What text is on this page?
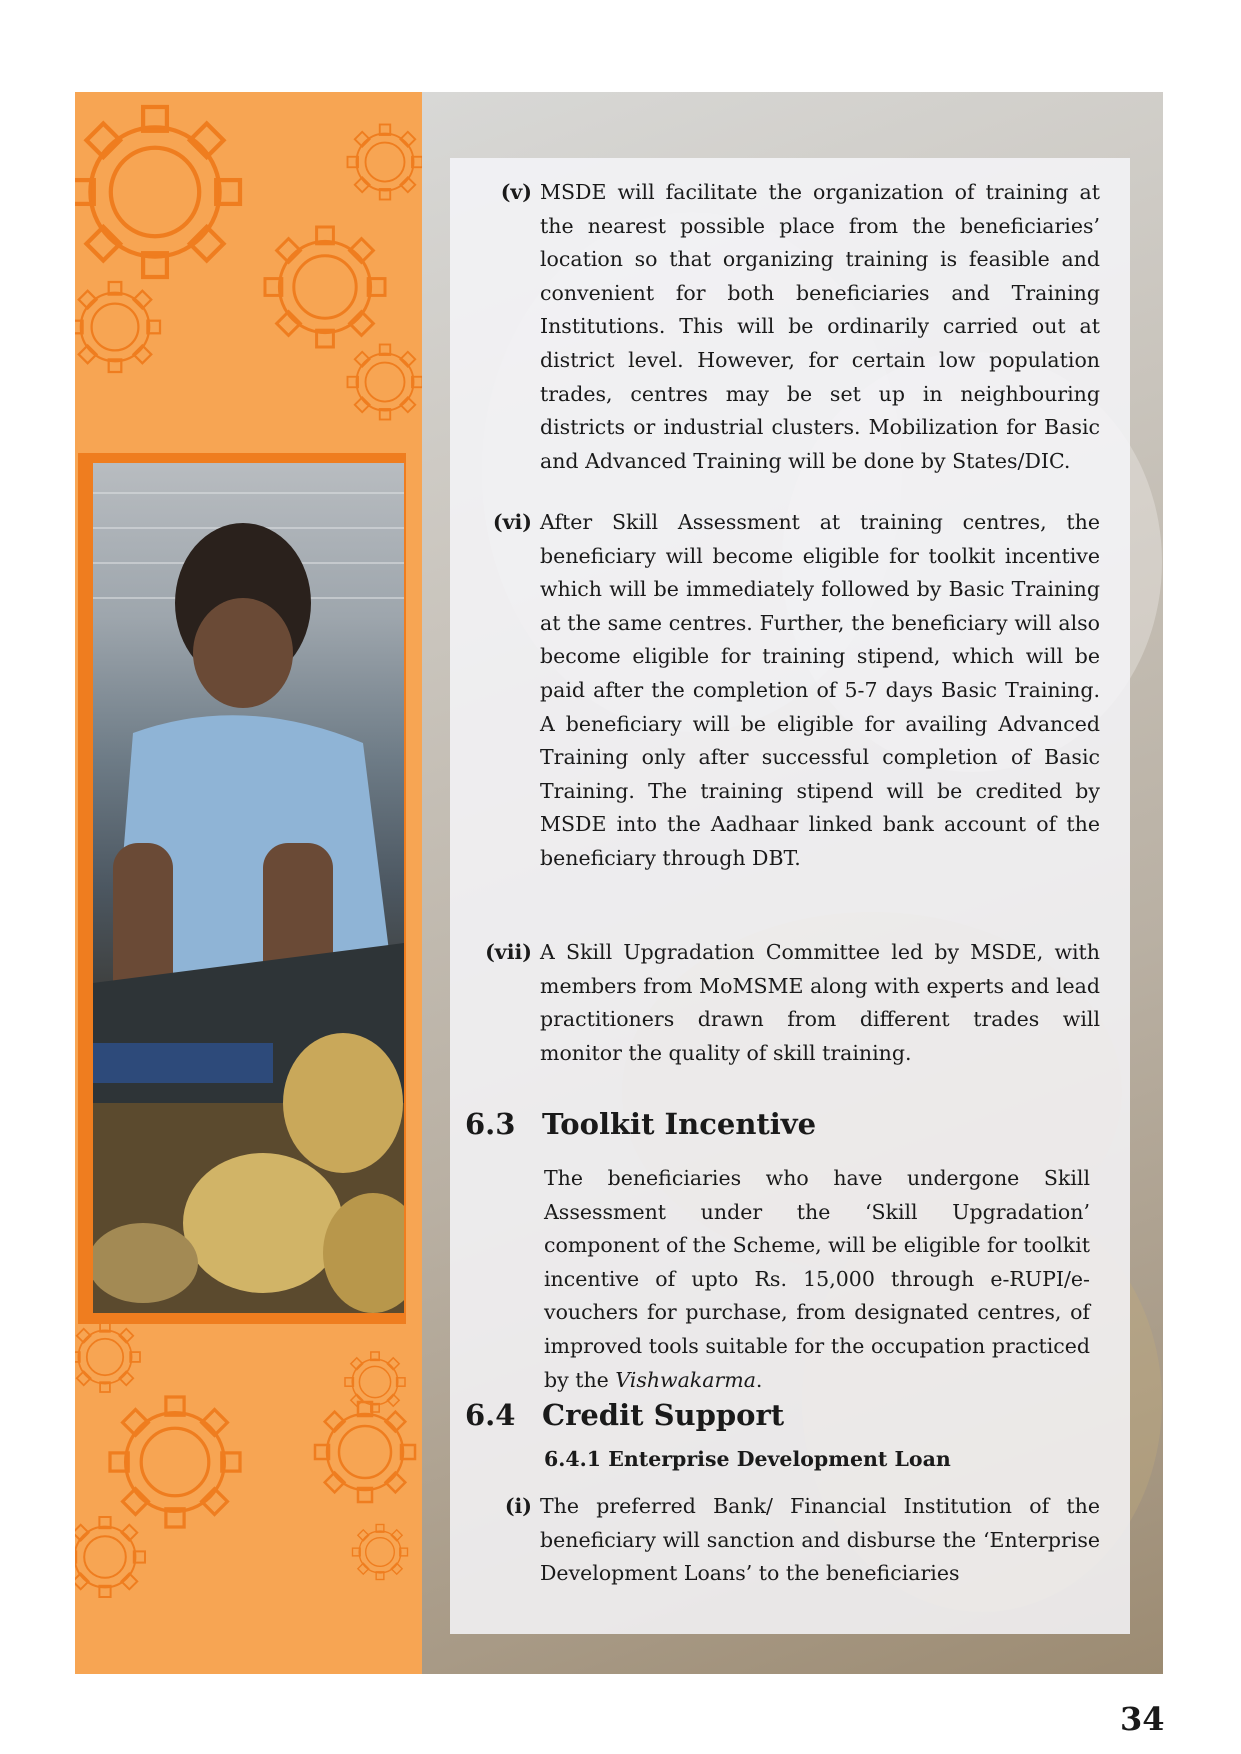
(v) MSDE will facilitate the organization of training at the nearest possible place from the beneficiaries’ location so that organizing training is feasible and convenient for both beneficiaries and Training Institutions. This will be ordinarily carried out at district level. However, for certain low population trades, centres may be set up in neighbouring districts or industrial clusters. Mobilization for Basic and Advanced Training will be done by States/DIC.
(vi) After Skill Assessment at training centres, the beneficiary will become eligible for toolkit incentive which will be immediately followed by Basic Training at the same centres. Further, the beneficiary will also become eligible for training stipend, which will be paid after the completion of 5-7 days Basic Training. A beneficiary will be eligible for availing Advanced Training only after successful completion of Basic Training. The training stipend will be credited by MSDE into the Aadhaar linked bank account of the beneficiary through DBT.
(vii) A Skill Upgradation Committee led by MSDE, with members from MoMSME along with experts and lead practitioners drawn from different trades will monitor the quality of skill training.
6.3 Toolkit Incentive
The beneficiaries who have undergone Skill Assessment under the ‘Skill Upgradation’ component of the Scheme, will be eligible for toolkit incentive of upto Rs. 15,000 through e-RUPI/e-vouchers for purchase, from designated centres, of improved tools suitable for the occupation practiced by the Vishwakarma.
6.4 Credit Support
6.4.1 Enterprise Development Loan
(i) The preferred Bank/ Financial Institution of the beneficiary will sanction and disburse the ‘Enterprise Development Loans’ to the beneficiaries
34
